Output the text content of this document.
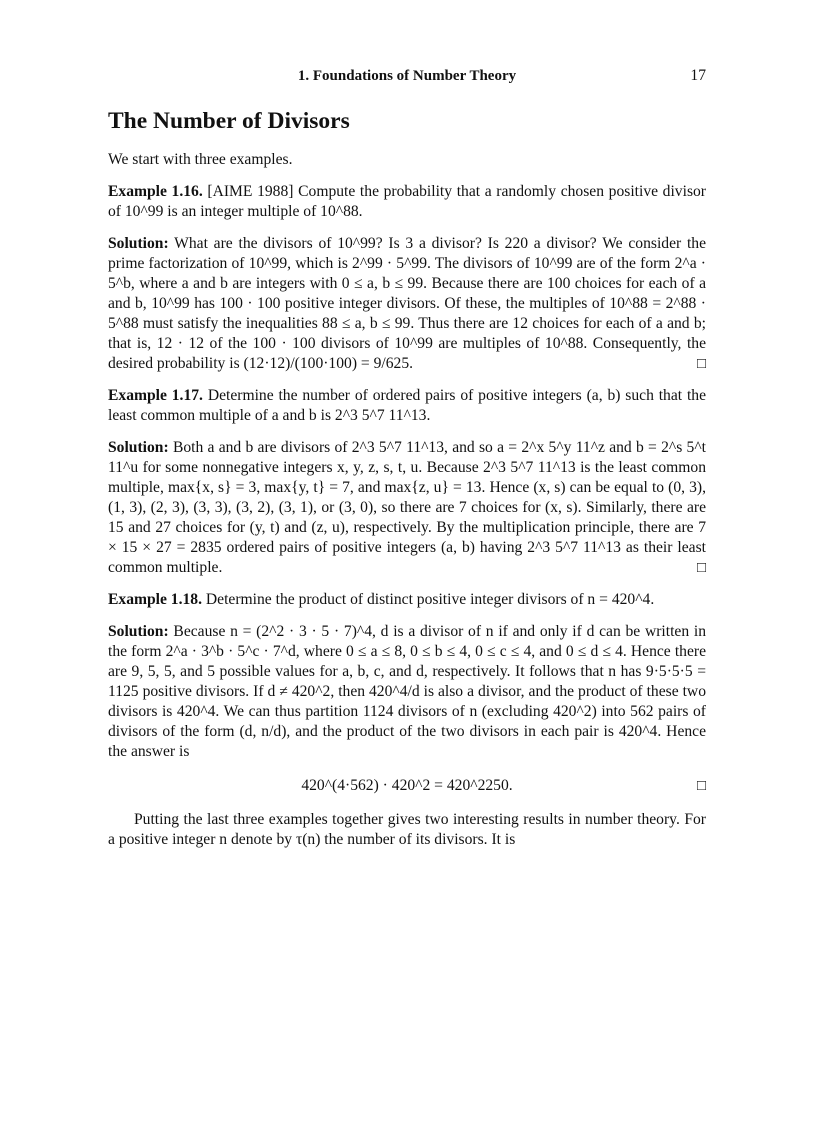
1. Foundations of Number Theory	17
The Number of Divisors

We start with three examples.

Example 1.16. [AIME 1988] Compute the probability that a randomly chosen positive divisor of 10^99 is an integer multiple of 10^88.

Solution: What are the divisors of 10^99? Is 3 a divisor? Is 220 a divisor? We consider the prime factorization of 10^99, which is 2^99 · 5^99. The divisors of 10^99 are of the form 2^a · 5^b, where a and b are integers with 0 ≤ a, b ≤ 99. Because there are 100 choices for each of a and b, 10^99 has 100 · 100 positive integer divisors. Of these, the multiples of 10^88 = 2^88 · 5^88 must satisfy the inequalities 88 ≤ a, b ≤ 99. Thus there are 12 choices for each of a and b; that is, 12 · 12 of the 100 · 100 divisors of 10^99 are multiples of 10^88. Consequently, the desired probability is (12·12)/(100·100) = 9/625.	□

Example 1.17. Determine the number of ordered pairs of positive integers (a, b) such that the least common multiple of a and b is 2^3 5^7 11^13.

Solution: Both a and b are divisors of 2^3 5^7 11^13, and so a = 2^x 5^y 11^z and b = 2^s 5^t 11^u for some nonnegative integers x, y, z, s, t, u. Because 2^3 5^7 11^13 is the least common multiple, max{x, s} = 3, max{y, t} = 7, and max{z, u} = 13. Hence (x, s) can be equal to (0, 3), (1, 3), (2, 3), (3, 3), (3, 2), (3, 1), or (3, 0), so there are 7 choices for (x, s). Similarly, there are 15 and 27 choices for (y, t) and (z, u), respectively. By the multiplication principle, there are 7 × 15 × 27 = 2835 ordered pairs of positive integers (a, b) having 2^3 5^7 11^13 as their least common multiple.	□

Example 1.18. Determine the product of distinct positive integer divisors of n = 420^4.

Solution: Because n = (2^2 · 3 · 5 · 7)^4, d is a divisor of n if and only if d can be written in the form 2^a · 3^b · 5^c · 7^d, where 0 ≤ a ≤ 8, 0 ≤ b ≤ 4, 0 ≤ c ≤ 4, and 0 ≤ d ≤ 4. Hence there are 9, 5, 5, and 5 possible values for a, b, c, and d, respectively. It follows that n has 9·5·5·5 = 1125 positive divisors. If d ≠ 420^2, then 420^4/d is also a divisor, and the product of these two divisors is 420^4. We can thus partition 1124 divisors of n (excluding 420^2) into 562 pairs of divisors of the form (d, n/d), and the product of the two divisors in each pair is 420^4. Hence the answer is

420^(4·562) · 420^2 = 420^2250.	□

Putting the last three examples together gives two interesting results in number theory. For a positive integer n denote by τ(n) the number of its divisors. It is
